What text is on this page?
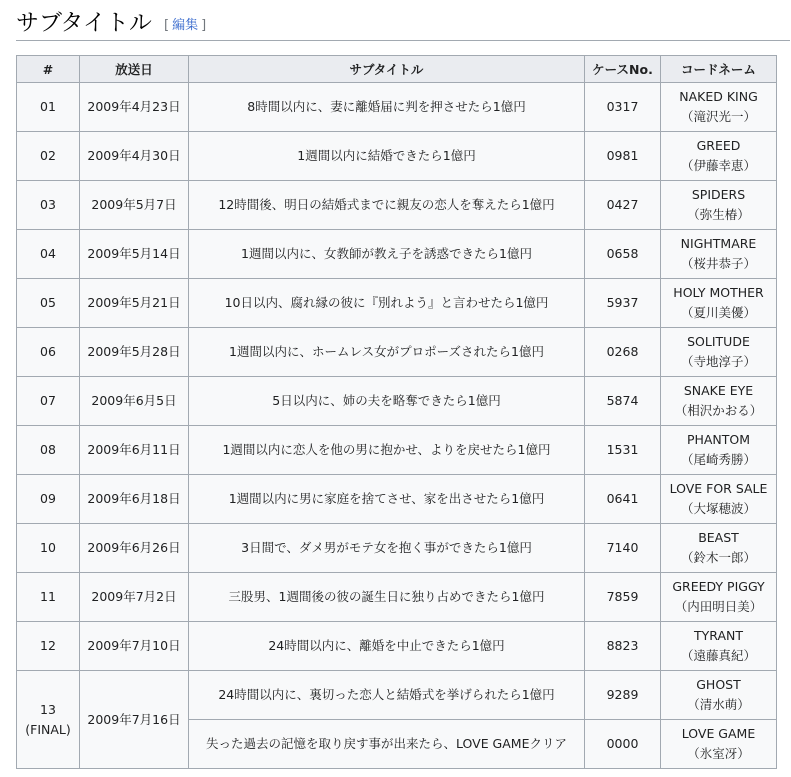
サブタイトル [ 編集 ]
#	放送日	サブタイトル	ケースNo.	コードネーム
01	2009年4月23日	8時間以内に、妻に離婚届に判を押させたら1億円	0317	NAKED KING
（滝沢光一）

02	2009年4月30日	1週間以内に結婚できたら1億円	0981	GREED
（伊藤幸恵）

03	2009年5月7日	12時間後、明日の結婚式までに親友の恋人を奪えたら1億円	0427	SPIDERS
（弥生椿）

04	2009年5月14日	1週間以内に、女教師が教え子を誘惑できたら1億円	0658	NIGHTMARE
（桜井恭子）

05	2009年5月21日	10日以内、腐れ縁の彼に『別れよう』と言わせたら1億円	5937	HOLY MOTHER
（夏川美優）

06	2009年5月28日	1週間以内に、ホームレス女がプロポーズされたら1億円	0268	SOLITUDE
（寺地淳子）

07	2009年6月5日	5日以内に、姉の夫を略奪できたら1億円	5874	SNAKE EYE
（相沢かおる）

08	2009年6月11日	1週間以内に恋人を他の男に抱かせ、よりを戻せたら1億円	1531	PHANTOM
（尾崎秀勝）

09	2009年6月18日	1週間以内に男に家庭を捨てさせ、家を出させたら1億円	0641	LOVE FOR SALE
（大塚穂波）

10	2009年6月26日	3日間で、ダメ男がモテ女を抱く事ができたら1億円	7140	BEAST
（鈴木一郎）

11	2009年7月2日	三股男、1週間後の彼の誕生日に独り占めできたら1億円	7859	GREEDY PIGGY
（内田明日美）

12	2009年7月10日	24時間以内に、離婚を中止できたら1億円	8823	TYRANT
（遠藤真紀）

13
(FINAL)	2009年7月16日	24時間以内に、裏切った恋人と結婚式を挙げられたら1億円	9289	GHOST
（清水萌）

		失った過去の記憶を取り戻す事が出来たら、LOVE GAMEクリア	0000	LOVE GAME
（氷室冴）
